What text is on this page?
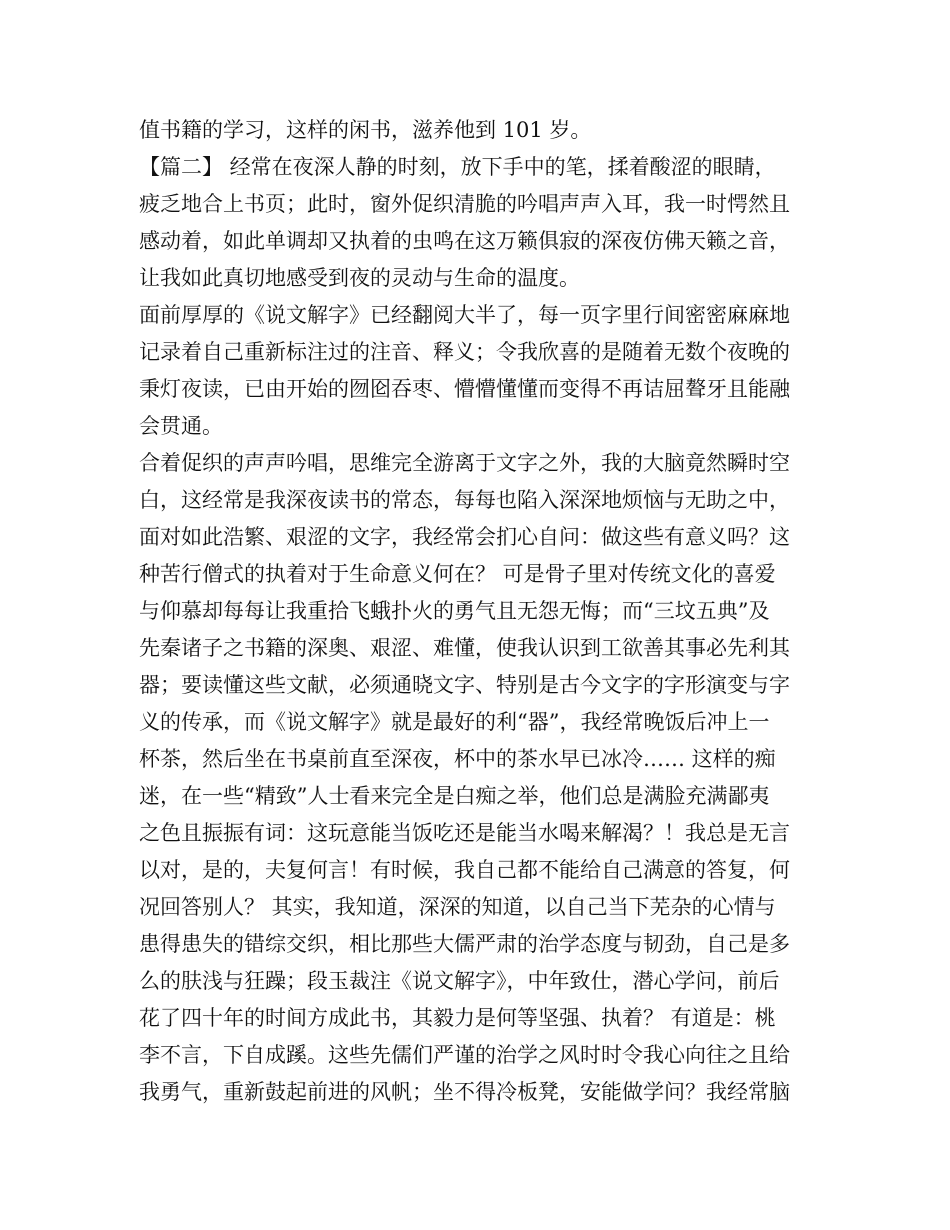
值书籍的学习，这样的闲书，滋养他到 101 岁。
【篇二】 经常在夜深人静的时刻，放下手中的笔，揉着酸涩的眼睛，
疲乏地合上书页；此时，窗外促织清脆的吟唱声声入耳，我一时愕然且
感动着，如此单调却又执着的虫鸣在这万籁俱寂的深夜仿佛天籁之音，
让我如此真切地感受到夜的灵动与生命的温度。
面前厚厚的《说文解字》已经翻阅大半了，每一页字里行间密密麻麻地
记录着自己重新标注过的注音、释义；令我欣喜的是随着无数个夜晚的
秉灯夜读，已由开始的囫囵吞枣、懵懵懂懂而变得不再诘屈聱牙且能融
会贯通。
合着促织的声声吟唱，思维完全游离于文字之外，我的大脑竟然瞬时空
白，这经常是我深夜读书的常态，每每也陷入深深地烦恼与无助之中，
面对如此浩繁、艰涩的文字，我经常会扪心自问：做这些有意义吗？这
种苦行僧式的执着对于生命意义何在？ 可是骨子里对传统文化的喜爱
与仰慕却每每让我重拾飞蛾扑火的勇气且无怨无悔；而“三坟五典”及
先秦诸子之书籍的深奥、艰涩、难懂，使我认识到工欲善其事必先利其
器；要读懂这些文献，必须通晓文字、特别是古今文字的字形演变与字
义的传承，而《说文解字》就是最好的利“器”，我经常晚饭后冲上一
杯茶，然后坐在书桌前直至深夜，杯中的茶水早已冰冷…… 这样的痴
迷，在一些“精致”人士看来完全是白痴之举，他们总是满脸充满鄙夷
之色且振振有词：这玩意能当饭吃还是能当水喝来解渴？！我总是无言
以对，是的，夫复何言！有时候，我自己都不能给自己满意的答复，何
况回答别人？ 其实，我知道，深深的知道，以自己当下芜杂的心情与
患得患失的错综交织，相比那些大儒严肃的治学态度与韧劲，自己是多
么的肤浅与狂躁；段玉裁注《说文解字》，中年致仕，潜心学问，前后
花了四十年的时间方成此书，其毅力是何等坚强、执着？ 有道是：桃
李不言，下自成蹊。这些先儒们严谨的治学之风时时令我心向往之且给
我勇气，重新鼓起前进的风帆；坐不得冷板凳，安能做学问？我经常脑
